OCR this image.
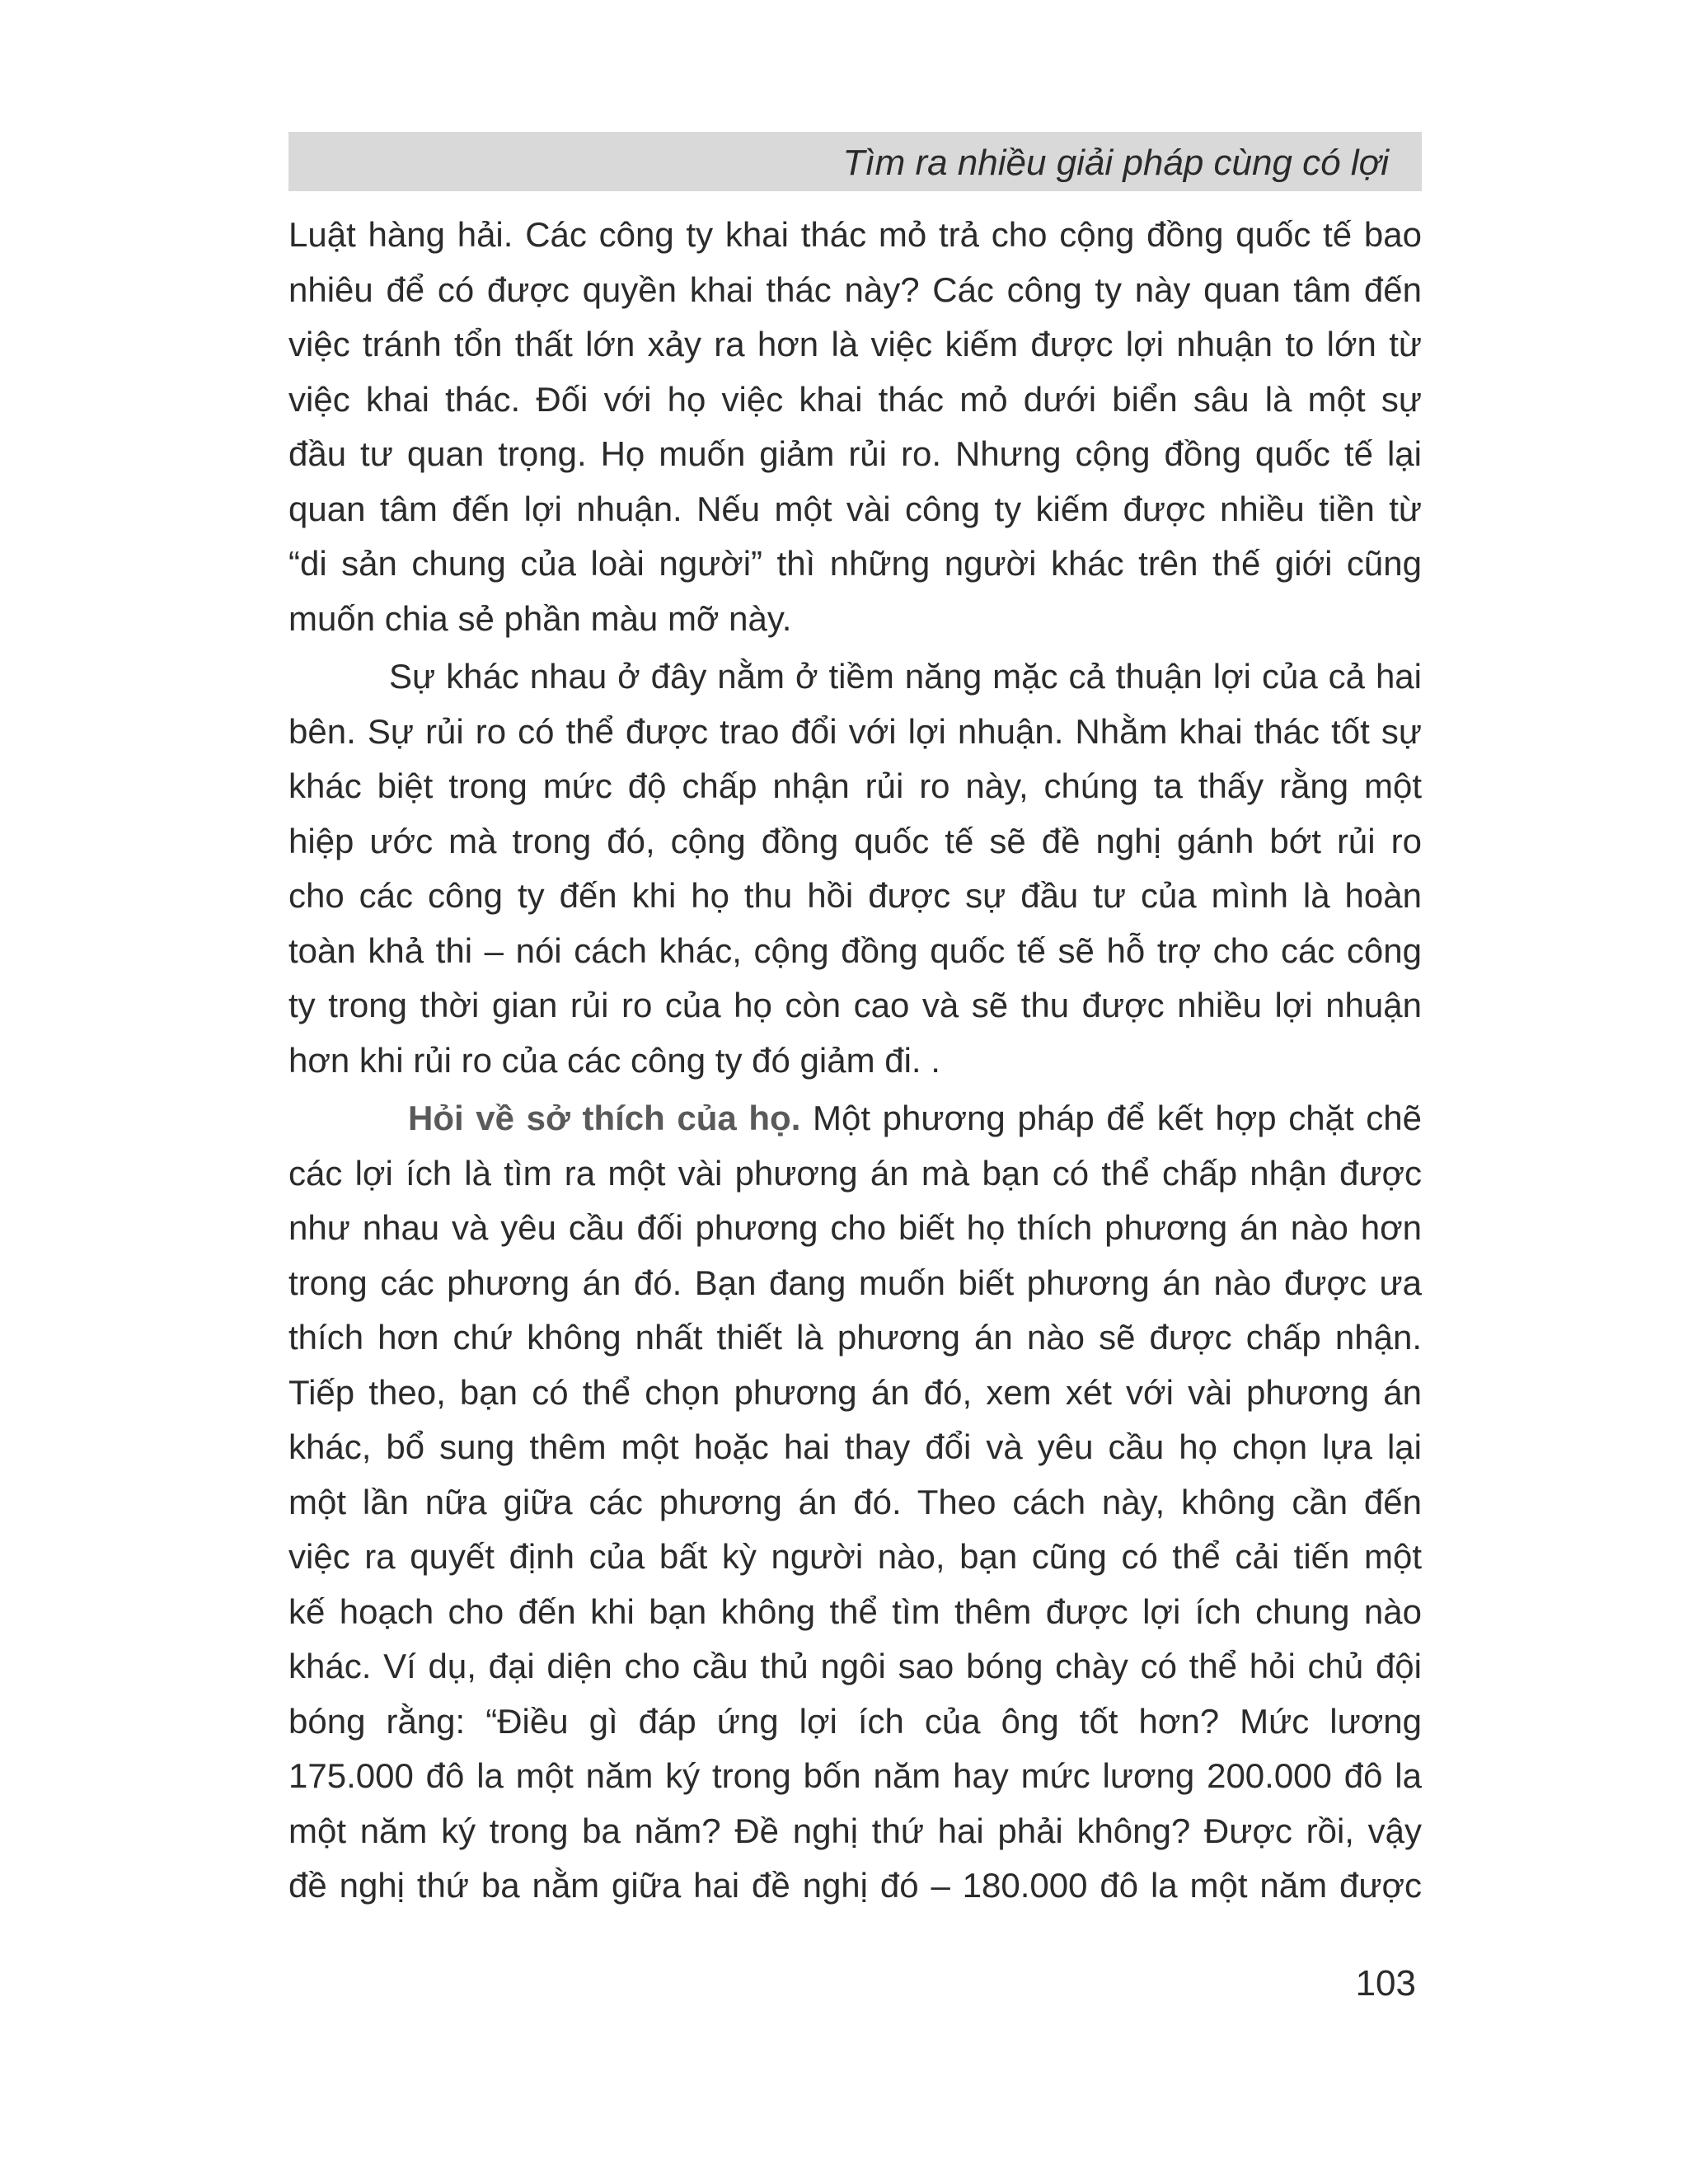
Tìm ra nhiều giải pháp cùng có lợi
Luật hàng hải. Các công ty khai thác mỏ trả cho cộng đồng quốc tế bao
nhiêu để có được quyền khai thác này? Các công ty này quan tâm đến
việc tránh tổn thất lớn xảy ra hơn là việc kiếm được lợi nhuận to lớn từ
việc khai thác. Đối với họ việc khai thác mỏ dưới biển sâu là một sự
đầu tư quan trọng. Họ muốn giảm rủi ro. Nhưng cộng đồng quốc tế lại
quan tâm đến lợi nhuận. Nếu một vài công ty kiếm được nhiều tiền từ
“di sản chung của loài người” thì những người khác trên thế giới cũng
muốn chia sẻ phần màu mỡ này.
Sự khác nhau ở đây nằm ở tiềm năng mặc cả thuận lợi của cả hai
bên. Sự rủi ro có thể được trao đổi với lợi nhuận. Nhằm khai thác tốt sự
khác biệt trong mức độ chấp nhận rủi ro này, chúng ta thấy rằng một
hiệp ước mà trong đó, cộng đồng quốc tế sẽ đề nghị gánh bớt rủi ro
cho các công ty đến khi họ thu hồi được sự đầu tư của mình là hoàn
toàn khả thi – nói cách khác, cộng đồng quốc tế sẽ hỗ trợ cho các công
ty trong thời gian rủi ro của họ còn cao và sẽ thu được nhiều lợi nhuận
hơn khi rủi ro của các công ty đó giảm đi. .
Hỏi về sở thích của họ. Một phương pháp để kết hợp chặt chẽ
các lợi ích là tìm ra một vài phương án mà bạn có thể chấp nhận được
như nhau và yêu cầu đối phương cho biết họ thích phương án nào hơn
trong các phương án đó. Bạn đang muốn biết phương án nào được ưa
thích hơn chứ không nhất thiết là phương án nào sẽ được chấp nhận.
Tiếp theo, bạn có thể chọn phương án đó, xem xét với vài phương án
khác, bổ sung thêm một hoặc hai thay đổi và yêu cầu họ chọn lựa lại
một lần nữa giữa các phương án đó. Theo cách này, không cần đến
việc ra quyết định của bất kỳ người nào, bạn cũng có thể cải tiến một
kế hoạch cho đến khi bạn không thể tìm thêm được lợi ích chung nào
khác. Ví dụ, đại diện cho cầu thủ ngôi sao bóng chày có thể hỏi chủ đội
bóng rằng: “Điều gì đáp ứng lợi ích của ông tốt hơn? Mức lương
175.000 đô la một năm ký trong bốn năm hay mức lương 200.000 đô la
một năm ký trong ba năm? Đề nghị thứ hai phải không? Được rồi, vậy
đề nghị thứ ba nằm giữa hai đề nghị đó – 180.000 đô la một năm được
103
